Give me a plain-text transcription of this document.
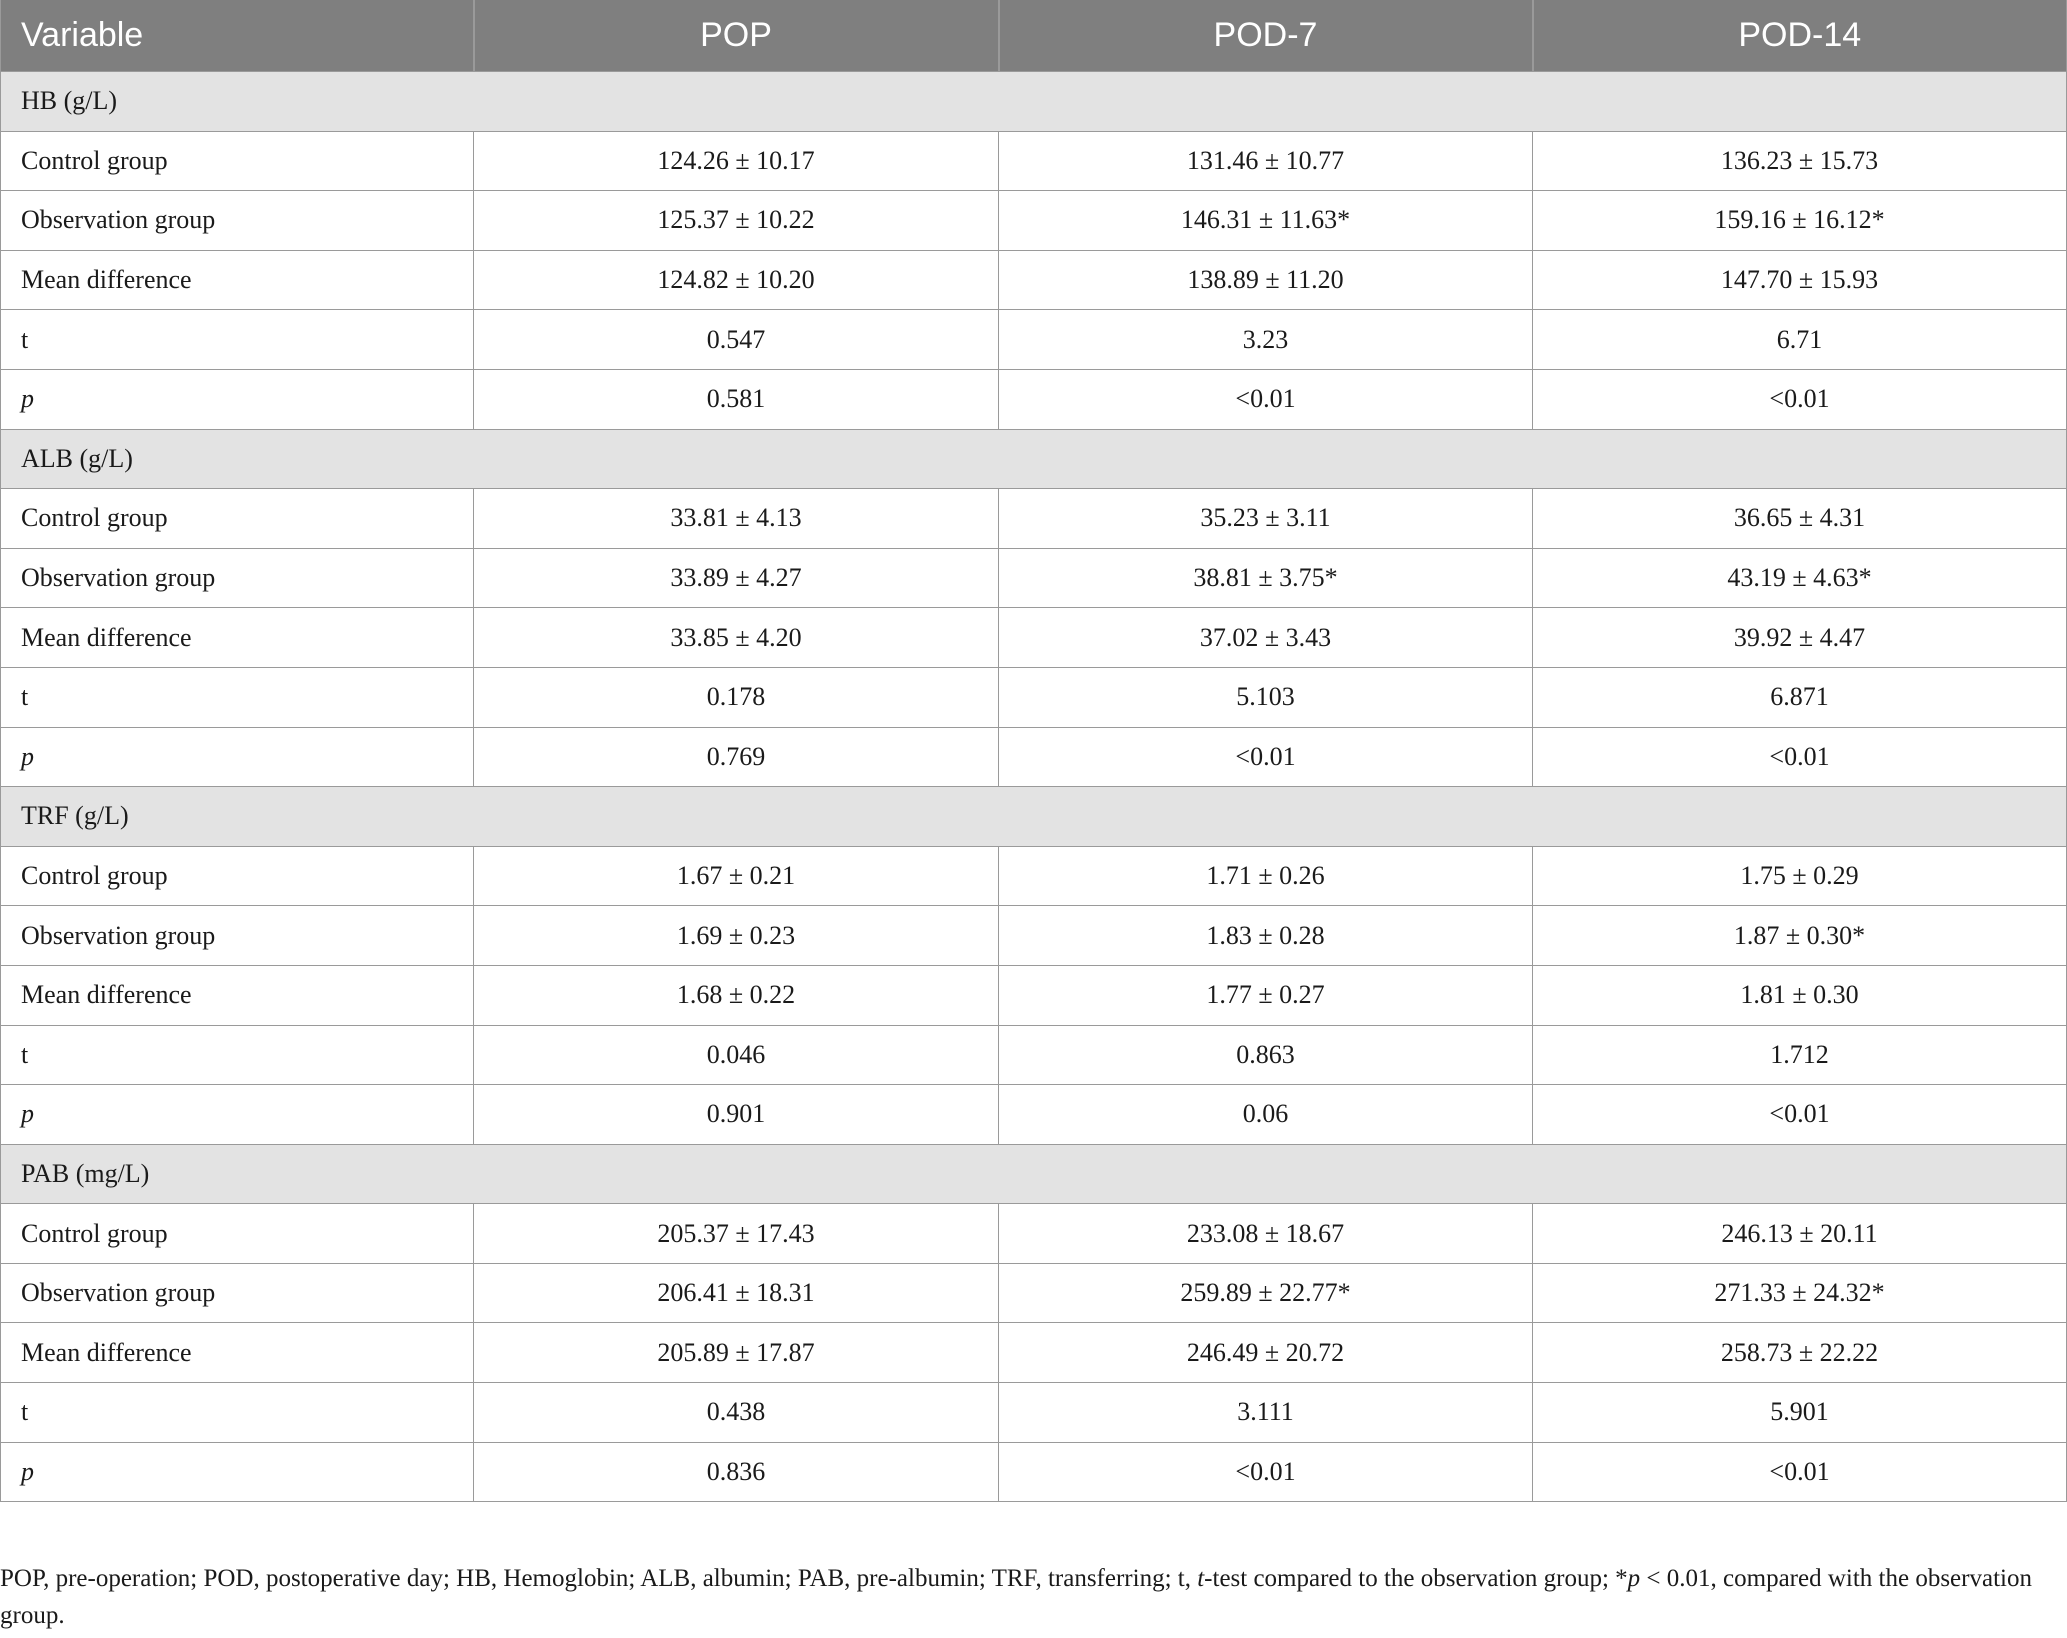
Variable	POP	POD-7	POD-14
HB (g/L)			
Control group	124.26 ± 10.17	131.46 ± 10.77	136.23 ± 15.73
Observation group	125.37 ± 10.22	146.31 ± 11.63*	159.16 ± 16.12*
Mean difference	124.82 ± 10.20	138.89 ± 11.20	147.70 ± 15.93
t	0.547	3.23	6.71
p	0.581	<0.01	<0.01
ALB (g/L)			
Control group	33.81 ± 4.13	35.23 ± 3.11	36.65 ± 4.31
Observation group	33.89 ± 4.27	38.81 ± 3.75*	43.19 ± 4.63*
Mean difference	33.85 ± 4.20	37.02 ± 3.43	39.92 ± 4.47
t	0.178	5.103	6.871
p	0.769	<0.01	<0.01
TRF (g/L)			
Control group	1.67 ± 0.21	1.71 ± 0.26	1.75 ± 0.29
Observation group	1.69 ± 0.23	1.83 ± 0.28	1.87 ± 0.30*
Mean difference	1.68 ± 0.22	1.77 ± 0.27	1.81 ± 0.30
t	0.046	0.863	1.712
p	0.901	0.06	<0.01
PAB (mg/L)			
Control group	205.37 ± 17.43	233.08 ± 18.67	246.13 ± 20.11
Observation group	206.41 ± 18.31	259.89 ± 22.77*	271.33 ± 24.32*
Mean difference	205.89 ± 17.87	246.49 ± 20.72	258.73 ± 22.22
t	0.438	3.111	5.901
p	0.836	<0.01	<0.01
POP, pre-operation; POD, postoperative day; HB, Hemoglobin; ALB, albumin; PAB, pre-albumin; TRF, transferring; t, t-test compared to the observation group; *p < 0.01, compared with the observation group.
